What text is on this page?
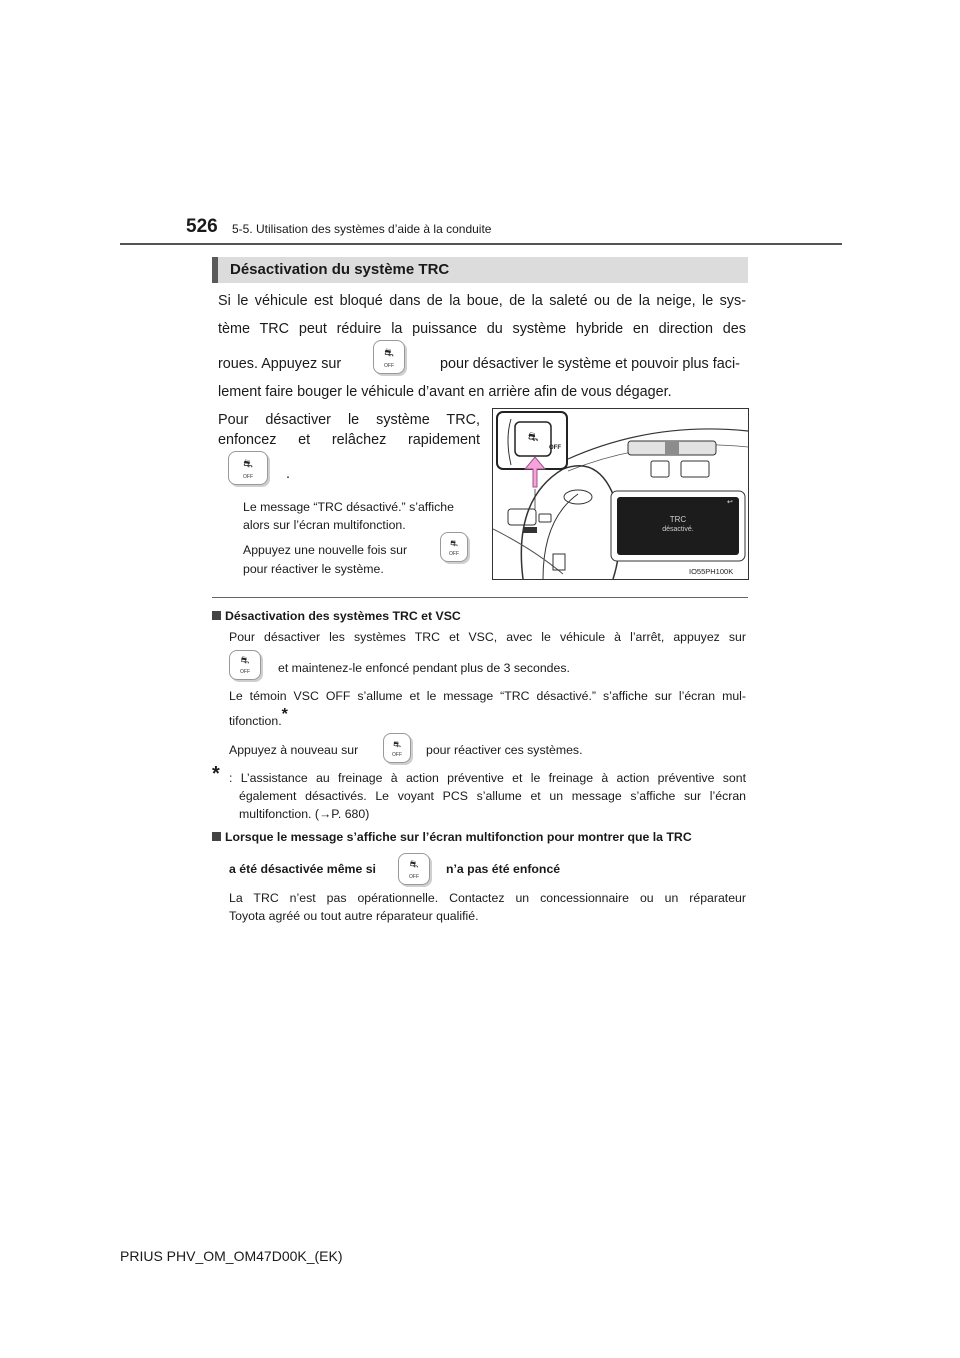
526 5-5. Utilisation des systèmes d’aide à la conduite
Désactivation du système TRC
Si le véhicule est bloqué dans de la boue, de la saleté ou de la neige, le sys-
tème TRC peut réduire la puissance du système hybride en direction des
roues. Appuyez sur
⛐
OFF	pour désactiver le système et pouvoir plus faci-
lement faire bouger le véhicule d’avant en arrière afin de vous dégager.
Pour désactiver le système TRC,
enfoncez et relâchez rapidement
⛐
OFF	.
Le message “TRC désactivé.” s’affiche
alors sur l’écran multifonction.
Appuyez une nouvelle fois sur	⛐
OFF
pour réactiver le système.
⛐
↩
OFF
TRC
désactivé.
IO55PH100K
Désactivation des systèmes TRC et VSC
Pour désactiver les systèmes TRC et VSC, avec le véhicule à l’arrêt, appuyez sur
⛐
OFF	et maintenez-le enfoncé pendant plus de 3 secondes.
Le témoin VSC OFF s’allume et le message “TRC désactivé.” s’affiche sur l’écran mul-
tifonction.*
Appuyez à nouveau sur	⛐
OFF	pour réactiver ces systèmes.
* : L’assistance au freinage à action préventive et le freinage à action préventive sont
également désactivés. Le voyant PCS s’allume et un message s’affiche sur l’écran
multifonction. (→P. 680)
Lorsque le message s’affiche sur l’écran multifonction pour montrer que la TRC
a été désactivée même si	⛐
OFF
n’a pas été enfoncé
La TRC n’est pas opérationnelle. Contactez un concessionnaire ou un réparateur
Toyota agréé ou tout autre réparateur qualifié.
PRIUS PHV_OM_OM47D00K_(EK)
